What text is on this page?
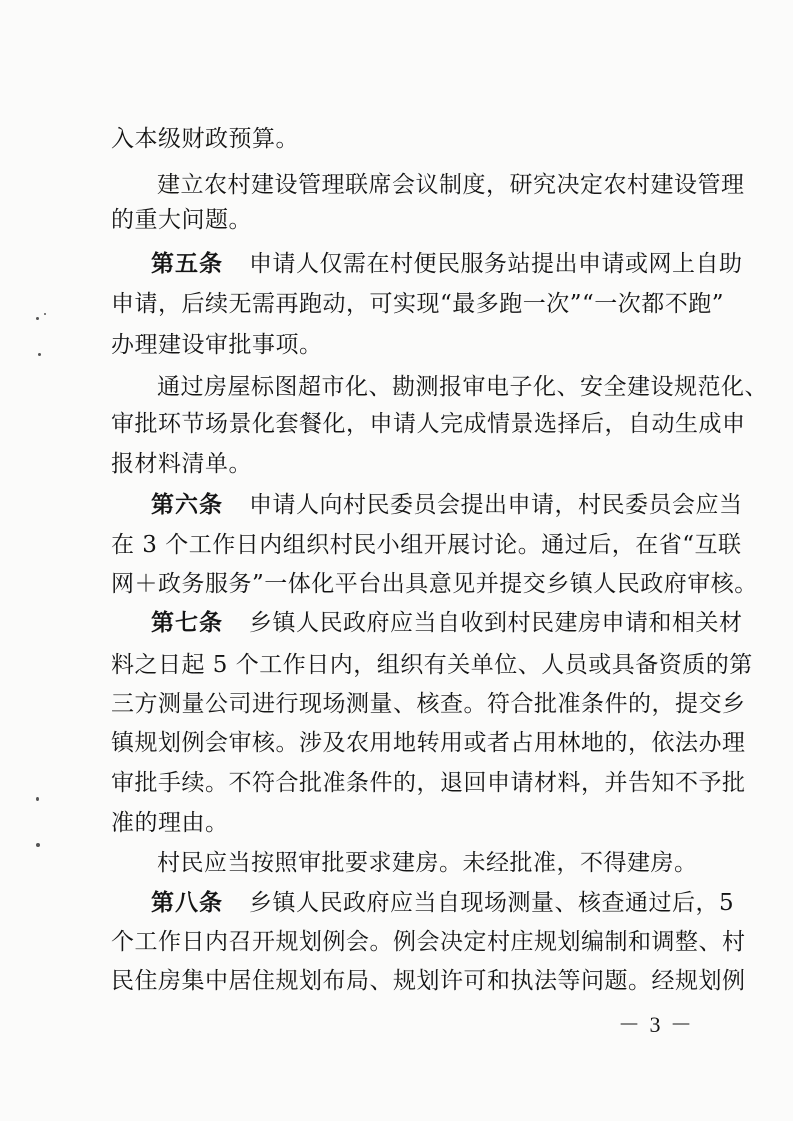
入本级财政预算。
建立农村建设管理联席会议制度，研究决定农村建设管理
的重大问题。
第五条 申请人仅需在村便民服务站提出申请或网上自助
申请，后续无需再跑动，可实现“最多跑一次”“一次都不跑”
办理建设审批事项。
通过房屋标图超市化、勘测报审电子化、安全建设规范化、
审批环节场景化套餐化，申请人完成情景选择后，自动生成申
报材料清单。
第六条 申请人向村民委员会提出申请，村民委员会应当
在 3 个工作日内组织村民小组开展讨论。通过后，在省“互联
网＋政务服务”一体化平台出具意见并提交乡镇人民政府审核。
第七条 乡镇人民政府应当自收到村民建房申请和相关材
料之日起 5 个工作日内，组织有关单位、人员或具备资质的第
三方测量公司进行现场测量、核查。符合批准条件的，提交乡
镇规划例会审核。涉及农用地转用或者占用林地的，依法办理
审批手续。不符合批准条件的，退回申请材料，并告知不予批
准的理由。
村民应当按照审批要求建房。未经批准，不得建房。
第八条 乡镇人民政府应当自现场测量、核查通过后，5
个工作日内召开规划例会。例会决定村庄规划编制和调整、村
民住房集中居住规划布局、规划许可和执法等问题。经规划例
－ 3 －
